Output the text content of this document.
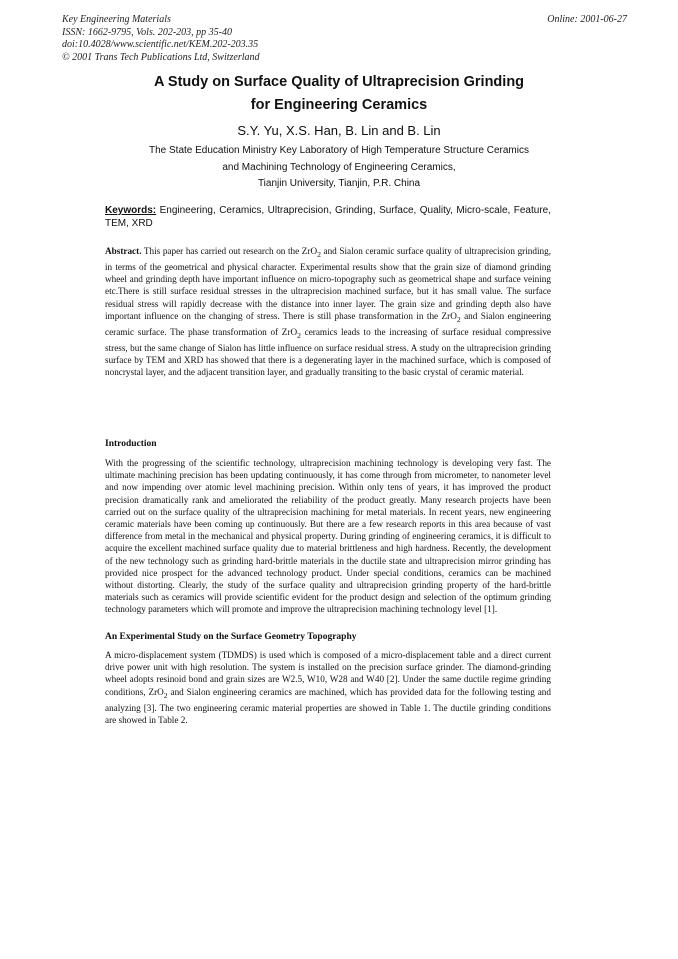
Key Engineering Materials
ISSN: 1662-9795, Vols. 202-203, pp 35-40
doi:10.4028/www.scientific.net/KEM.202-203.35
© 2001 Trans Tech Publications Ltd, Switzerland
Online: 2001-06-27
A Study on Surface Quality of Ultraprecision Grinding
for Engineering Ceramics
S.Y. Yu, X.S. Han, B. Lin and B. Lin
The State Education Ministry Key Laboratory of High Temperature Structure Ceramics
and Machining Technology of Engineering Ceramics,
Tianjin University, Tianjin, P.R. China
Keywords: Engineering, Ceramics, Ultraprecision, Grinding, Surface, Quality, Micro-scale, Feature, TEM, XRD
Abstract. This paper has carried out research on the ZrO$_2$ and Sialon ceramic surface quality of ultraprecision grinding, in terms of the geometrical and physical character. Experimental results show that the grain size of diamond grinding wheel and grinding depth have important influence on micro-topography such as geometrical shape and surface veining etc.There is still surface residual stresses in the ultraprecision machined surface, but it has small value. The surface residual stress will rapidly decrease with the distance into inner layer. The grain size and grinding depth also have important influence on the changing of stress. There is still phase transformation in the ZrO$_2$ and Sialon engineering ceramic surface. The phase transformation of ZrO$_2$ ceramics leads to the increasing of surface residual compressive stress, but the same change of Sialon has little influence on surface residual stress. A study on the ultraprecision grinding surface by TEM and XRD has showed that there is a degenerating layer in the machined surface, which is composed of noncrystal layer, and the adjacent transition layer, and gradually transiting to the basic crystal of ceramic material.
Introduction
With the progressing of the scientific technology, ultraprecision machining technology is developing very fast. The ultimate machining precision has been updating continuously, it has come through from micrometer, to nanometer level and now impending over atomic level machining precision. Within only tens of years, it has improved the product precision dramatically rank and ameliorated the reliability of the product greatly. Many research projects have been carried out on the surface quality of the ultraprecision machining for metal materials. In recent years, new engineering ceramic materials have been coming up continuously. But there are a few research reports in this area because of vast difference from metal in the mechanical and physical property. During grinding of engineering ceramics, it is difficult to acquire the excellent machined surface quality due to material brittleness and high hardness. Recently, the development of the new technology such as grinding hard-brittle materials in the ductile state and ultraprecision mirror grinding has provided nice prospect for the advanced technology product. Under special conditions, ceramics can be machined without distorting. Clearly, the study of the surface quality and ultraprecision grinding property of the hard-brittle materials such as ceramics will provide scientific evident for the product design and selection of the optimum grinding technology parameters which will promote and improve the ultraprecision machining technology level [1].
An Experimental Study on the Surface Geometry Topography
A micro-displacement system (TDMDS) is used which is composed of a micro-displacement table and a direct current drive power unit with high resolution. The system is installed on the precision surface grinder. The diamond-grinding wheel adopts resinoid bond and grain sizes are W2.5, W10, W28 and W40 [2]. Under the same ductile regime grinding conditions, ZrO$_2$ and Sialon engineering ceramics are machined, which has provided data for the following testing and analyzing [3]. The two engineering ceramic material properties are showed in Table 1. The ductile grinding conditions are showed in Table 2.
